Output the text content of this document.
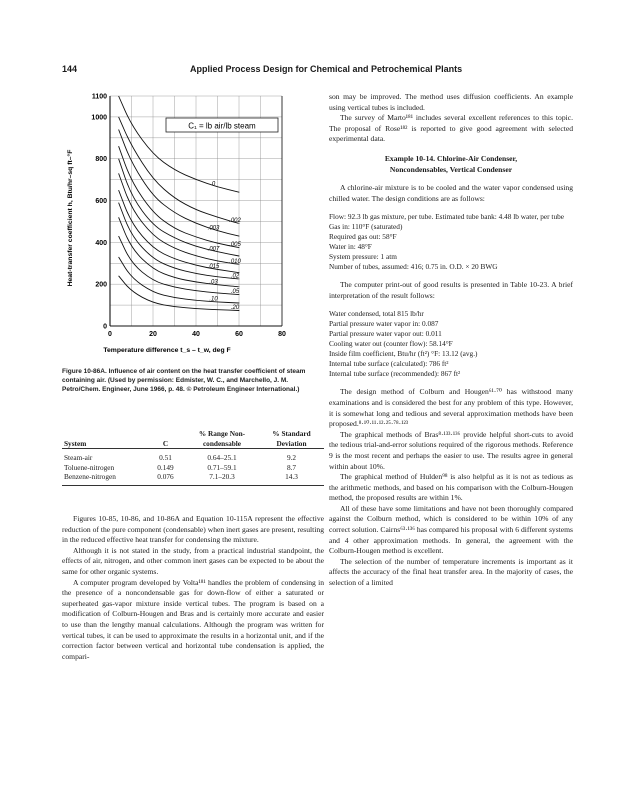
144	Applied Process Design for Chemical and Petrochemical Plants
0	20	40	60	80
0
200
400
600
800
1000
1100
C₁ = lb air/lb steam
Temperature difference t_s – t_w, deg F
Heat-transfer coefficient h, Btu/hr–sq ft–°F	0
.002
.003
.005
.007
.010
.015
.02
.03
.05
.10
.20
Figure 10-86A. Influence of air content on the heat transfer coefficient of steam containing air. (Used by permission: Edmister, W. C., and Marchello, J. M. Petro/Chem. Engineer, June 1966, p. 48. © Petroleum Engineer International.)
System	C	% Range Non-condensable	% Standard Deviation
Steam-air	0.51	0.64–25.1	9.2
Toluene-nitrogen	0.149	0.71–59.1	8.7
Benzene-nitrogen	0.076	7.1–20.3	14.3

Figures 10-85, 10-86, and 10-86A and Equation 10-115A represent the effective reduction of the pure component (condensable) when inert gases are present, resulting in the reduced effective heat transfer for condensing the mixture.

Although it is not stated in the study, from a practical industrial standpoint, the effects of air, nitrogen, and other common inert gases can be expected to be about the same for other organic systems.

A computer program developed by Volta¹⁸¹ handles the problem of condensing in the presence of a noncondensable gas for down-flow of either a saturated or superheated gas-vapor mixture inside vertical tubes. The program is based on a modification of Colburn-Hougen and Bras and is certainly more accurate and easier to use than the lengthy manual calculations. Although the program was written for vertical tubes, it can be used to approximate the results in a horizontal unit, and if the correction factor between vertical and horizontal tube condensation is applied, the compari-

son may be improved. The method uses diffusion coefficients. An example using vertical tubes is included.

The survey of Marto¹⁸¹ includes several excellent references to this topic. The proposal of Rose¹⁸² is reported to give good agreement with selected experimental data.

Example 10-14. Chlorine-Air Condenser,
Noncondensables, Vertical Condenser

A chlorine-air mixture is to be cooled and the water vapor condensed using chilled water. The design conditions are as follows:

Flow: 92.3 lb gas mixture, per tube. Estimated tube bank: 4.48 lb water, per tube
Gas in: 110°F (saturated)
Required gas out: 58°F
Water in: 48°F
System pressure: 1 atm
Number of tubes, assumed: 416; 0.75 in. O.D. × 20 BWG

The computer print-out of good results is presented in Table 10-23. A brief interpretation of the result follows:

Water condensed, total 815 lb/hr
Partial pressure water vapor in: 0.087
Partial pressure water vapor out: 0.011
Cooling water out (counter flow): 58.14°F
Inside film coefficient, Btu/hr (ft²) °F: 13.12 (avg.)
Internal tube surface (calculated): 786 ft²
Internal tube surface (recommended): 867 ft²

The design method of Colburn and Hougen⁶¹·⁷⁰ has withstood many examinations and is considered the best for any problem of this type. However, it is somewhat long and tedious and several approximation methods have been proposed.⁸·¹⁰·¹¹·¹²·²⁵·⁷⁸·¹²³

The graphical methods of Bras⁸·¹³³·¹³⁶ provide helpful short-cuts to avoid the tedious trial-and-error solutions required of the rigorous methods. Reference 9 is the most recent and perhaps the easier to use. The results agree in general within about 10%.

The graphical method of Hulden⁹⁸ is also helpful as it is not as tedious as the arithmetic methods, and based on his comparison with the Colburn-Hougen method, the proposed results are within 1%.

All of these have some limitations and have not been thoroughly compared against the Colburn method, which is considered to be within 10% of any correct solution. Cairns⁶³·¹³⁶ has compared his proposal with 6 different systems and 4 other approximation methods. In general, the agreement with the Colburn-Hougen method is excellent.

The selection of the number of temperature increments is important as it affects the accuracy of the final heat transfer area. In the majority of cases, the selection of a limited
